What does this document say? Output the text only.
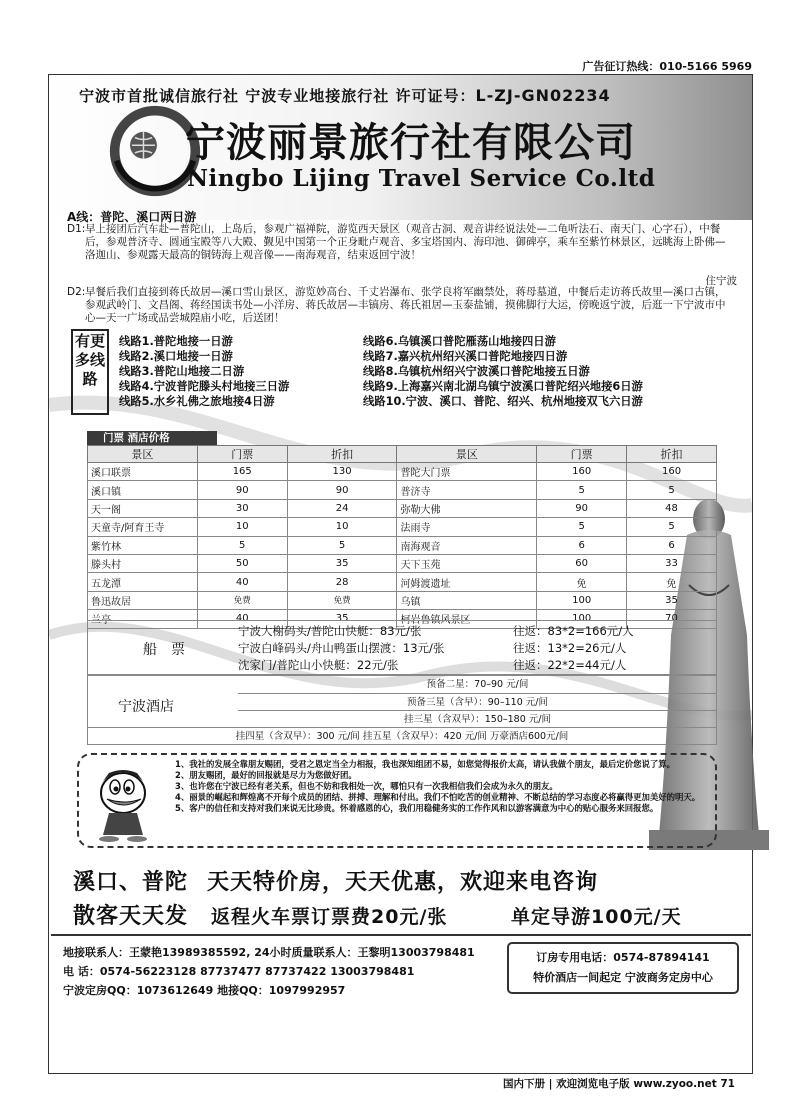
广告征订热线：010-5166 5969
宁波市首批诚信旅行社 宁波专业地接旅行社 许可证号：L-ZJ-GN02234
宁波丽景旅行社有限公司
Ningbo Lijing Travel Service Co.ltd
A线：普陀、溪口两日游
D1: 早上接团后汽车赴—普陀山，上岛后，参观广福禅院，游览西天景区（观音古洞、观音讲经说法处—二龟听法石、南天门、心字石），中餐后，参观普济寺、圆通宝殿等八大殿、觐见中国第一个正身毗卢观音、多宝塔国内、海印池、御碑亭，乘车至紫竹林景区，远眺海上卧佛—洛迦山、参观露天最高的铜铸海上观音像——南海观音，结束返回宁波！
住宁波
D2: 早餐后我们直接到蒋氏故居—溪口雪山景区，游览妙高台、千丈岩瀑布、张学良将军幽禁处，蒋母墓道，中餐后走访蒋氏故里—溪口古镇，参观武岭门、文昌阁、蒋经国读书处—小洋房、蒋氏故居—丰镐房、蒋氏祖居—玉泰盐铺，摸佛脚行大运，傍晚返宁波，后逛一下宁波市中心—天一广场或品尝城隍庙小吃，后送团！
有更多线路
线路1.普陀地接一日游
线路2.溪口地接一日游
线路3.普陀山地接二日游
线路4.宁波普陀滕头村地接三日游
线路5.水乡礼佛之旅地接4日游
线路6.乌镇溪口普陀雁荡山地接四日游
线路7.嘉兴杭州绍兴溪口普陀地接四日游
线路8.乌镇杭州绍兴宁波溪口普陀地接五日游
线路9.上海嘉兴南北湖乌镇宁波溪口普陀绍兴地接6日游
线路10.宁波、溪口、普陀、绍兴、杭州地接双飞六日游
门票 酒店价格
景区	门票	折扣	景区	门票	折扣
溪口联票	165	130	普陀大门票	160	160
溪口镇	90	90	普济寺	5	5
天一阁	30	24	弥勒大佛	90	48
天童寺/阿育王寺	10	10	法雨寺	5	5
紫竹林	5	5	南海观音	6	6
滕头村	50	35	天下玉苑	60	33
五龙潭	40	28	河姆渡遗址	免	免
鲁迅故居	免费	免费	乌镇	100	35
兰亭	40	35	柯岩鲁镇风景区	100	70
船票
宁波大榭码头/普陀山快艇：83元/张	往返：83*2=166元/人
宁波白峰码头/舟山鸭蛋山摆渡：13元/张	往返：13*2=26元/人
沈家门/普陀山小快艇：22元/张	往返：22*2=44元/人
宁波酒店
预备二星：70–90 元/间
预备三星（含早）：90–110 元/间
挂三星（含双早）：150–180 元/间
挂四星（含双早）：300 元/间 挂五星（含双早）：420 元/间 万豪酒店600元/间
1、我社的发展全靠朋友赐团，受君之恩定当全力相报，我也深知组团不易，如您觉得报价太高，请认我做个朋友，最后定价您说了算。
2、朋友赐团，最好的回报就是尽力为您做好团。
3、也许您在宁波已经有老关系，但也不妨和我相处一次，哪怕只有一次我相信我们会成为永久的朋友。
4、丽景的崛起和辉煌离不开每个成员的团结、拼搏、理解和付出。我们不怕吃苦的创业精神、不断总结的学习态度必将赢得更加美好的明天。
5、客户的信任和支持对我们来说无比珍贵。怀着感恩的心，我们用稳健务实的工作作风和以游客满意为中心的贴心服务来回报您。
溪口、普陀 天天特价房，天天优惠，欢迎来电咨询
散客天天发 返程火车票订票费20元/张	单定导游100元/天
地接联系人：王蒙艳13989385592, 24小时质量联系人：王黎明13003798481
电 话：0574-56223128 87737477 87737422 13003798481
宁波定房QQ：1073612649 地接QQ：1097992957
订房专用电话：0574-87894141
特价酒店一间起定 宁波商务定房中心
国内下册 | 欢迎浏览电子版 www.zyoo.net 71
